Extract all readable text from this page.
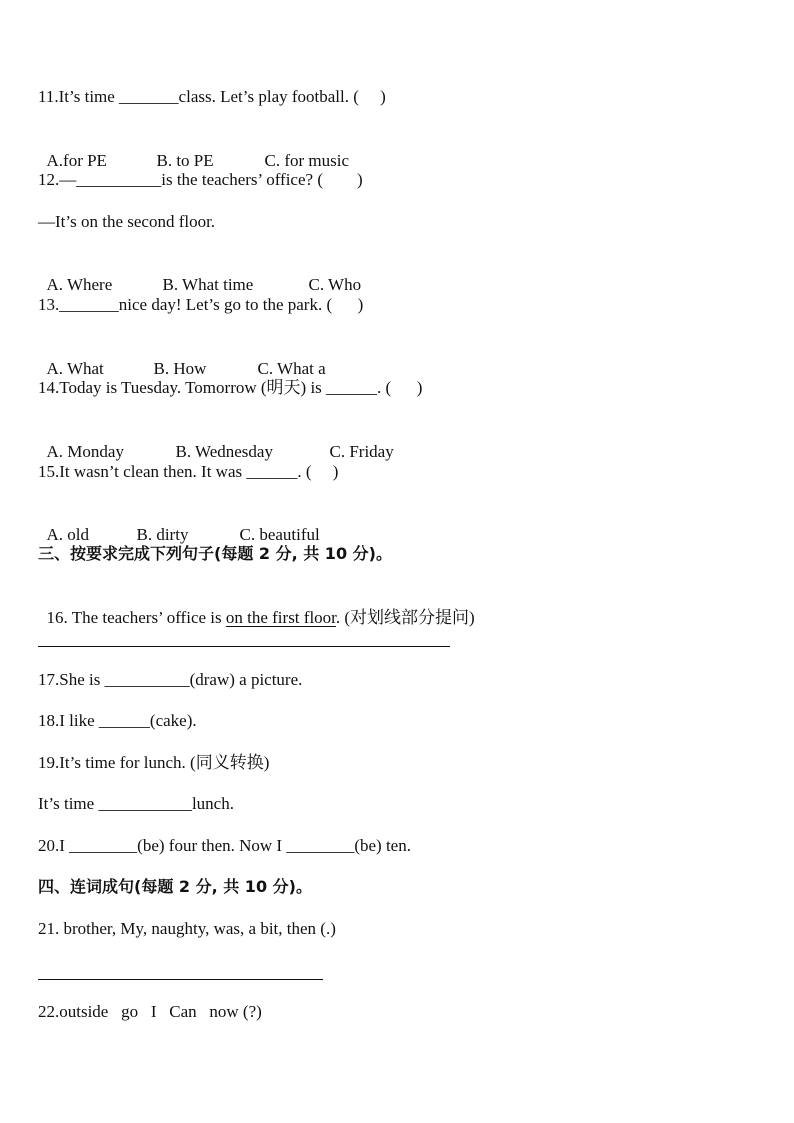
11.It’s time _______class. Let’s play football. (     )

A.for PE	B. to PE	C. for music

12.—__________is the teachers’ office? (        )
—It’s on the second floor.

A. Where	B. What time	C. Who

13._______nice day! Let’s go to the park. (      )

A. What	B. How	C. What a

14.Today is Tuesday. Tomorrow (明天) is ______. (      )

A. Monday	B. Wednesday	C. Friday

15.It wasn’t clean then. It was ______. (     )

A. old	B. dirty	C. beautiful

三、按要求完成下列句子(每题 2 分, 共 10 分)。

16. The teachers’ office is on the first floor. (对划线部分提问)

17.She is __________(draw) a picture.
18.I like ______(cake).
19.It’s time for lunch. (同义转换)
It’s time ___________lunch.
20.I ________(be) four then. Now I ________(be) ten.
四、连词成句(每题 2 分, 共 10 分)。
21. brother, My, naughty, was, a bit, then (.)
22.outside   go   I   Can   now (?)
